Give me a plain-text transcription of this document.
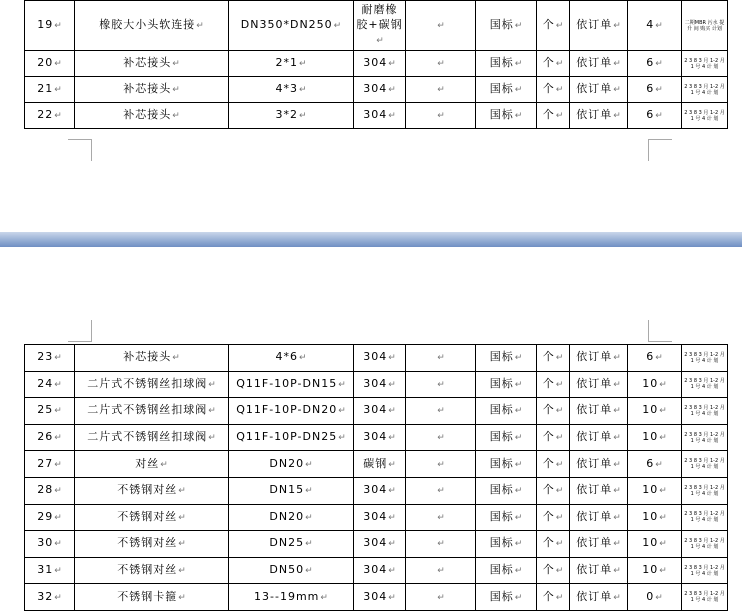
19↵	橡胶大小头软连接↵	DN350*DN250↵	耐磨橡胶+碳钢↵	↵	国标↵	个↵	依订单↵	4↵	二期MBR 污水 提升 间 购买 计划
20↵	补芯接头↵	2*1↵	304↵	↵	国标↵	个↵	依订单↵	6↵	2 3 8 3 月 1-2 月 1 号 4 计 划
21↵	补芯接头↵	4*3↵	304↵	↵	国标↵	个↵	依订单↵	6↵	2 3 8 3 月 1-2 月 1 号 4 计 划
22↵	补芯接头↵	3*2↵	304↵	↵	国标↵	个↵	依订单↵	6↵	2 3 8 3 月 1-2 月 1 号 4 计 划
23↵	补芯接头↵	4*6↵	304↵	↵	国标↵	个↵	依订单↵	6↵	2 3 8 3 月 1-2 月 1 号 4 计 划
24↵	二片式不锈钢丝扣球阀↵	Q11F-10P-DN15↵	304↵	↵	国标↵	个↵	依订单↵	10↵	2 3 8 3 月 1-2 月 1 号 4 计 划
25↵	二片式不锈钢丝扣球阀↵	Q11F-10P-DN20↵	304↵	↵	国标↵	个↵	依订单↵	10↵	2 3 8 3 月 1-2 月 1 号 4 计 划
26↵	二片式不锈钢丝扣球阀↵	Q11F-10P-DN25↵	304↵	↵	国标↵	个↵	依订单↵	10↵	2 3 8 3 月 1-2 月 1 号 4 计 划
27↵	对丝↵	DN20↵	碳钢↵	↵	国标↵	个↵	依订单↵	6↵	2 3 8 3 月 1-2 月 1 号 4 计 划
28↵	不锈钢对丝↵	DN15↵	304↵	↵	国标↵	个↵	依订单↵	10↵	2 3 8 3 月 1-2 月 1 号 4 计 划
29↵	不锈钢对丝↵	DN20↵	304↵	↵	国标↵	个↵	依订单↵	10↵	2 3 8 3 月 1-2 月 1 号 4 计 划
30↵	不锈钢对丝↵	DN25↵	304↵	↵	国标↵	个↵	依订单↵	10↵	2 3 8 3 月 1-2 月 1 号 4 计 划
31↵	不锈钢对丝↵	DN50↵	304↵	↵	国标↵	个↵	依订单↵	10↵	2 3 8 3 月 1-2 月 1 号 4 计 划
32↵	不锈钢卡箍↵	13--19mm↵	304↵	↵	国标↵	个↵	依订单↵	0↵	2 3 8 3 月 1-2 月 1 号 4 计 划
